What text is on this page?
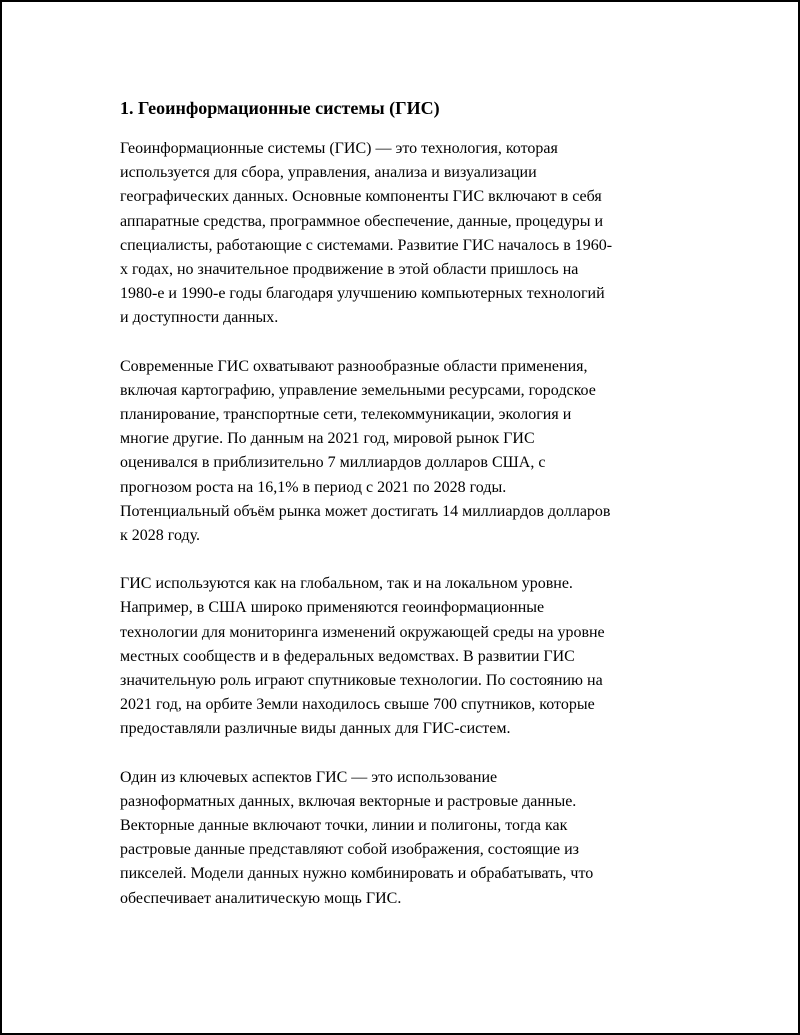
1. Геоинформационные системы (ГИС)

Геоинформационные системы (ГИС) — это технология, которая
используется для сбора, управления, анализа и визуализации
географических данных. Основные компоненты ГИС включают в себя
аппаратные средства, программное обеспечение, данные, процедуры и
специалисты, работающие с системами. Развитие ГИС началось в 1960-
х годах, но значительное продвижение в этой области пришлось на
1980-е и 1990-е годы благодаря улучшению компьютерных технологий
и доступности данных.

Современные ГИС охватывают разнообразные области применения,
включая картографию, управление земельными ресурсами, городское
планирование, транспортные сети, телекоммуникации, экология и
многие другие. По данным на 2021 год, мировой рынок ГИС
оценивался в приблизительно 7 миллиардов долларов США, с
прогнозом роста на 16,1% в период с 2021 по 2028 годы.
Потенциальный объём рынка может достигать 14 миллиардов долларов
к 2028 году.

ГИС используются как на глобальном, так и на локальном уровне.
Например, в США широко применяются геоинформационные
технологии для мониторинга изменений окружающей среды на уровне
местных сообществ и в федеральных ведомствах. В развитии ГИС
значительную роль играют спутниковые технологии. По состоянию на
2021 год, на орбите Земли находилось свыше 700 спутников, которые
предоставляли различные виды данных для ГИС-систем.

Один из ключевых аспектов ГИС — это использование
разноформатных данных, включая векторные и растровые данные.
Векторные данные включают точки, линии и полигоны, тогда как
растровые данные представляют собой изображения, состоящие из
пикселей. Модели данных нужно комбинировать и обрабатывать, что
обеспечивает аналитическую мощь ГИС.
